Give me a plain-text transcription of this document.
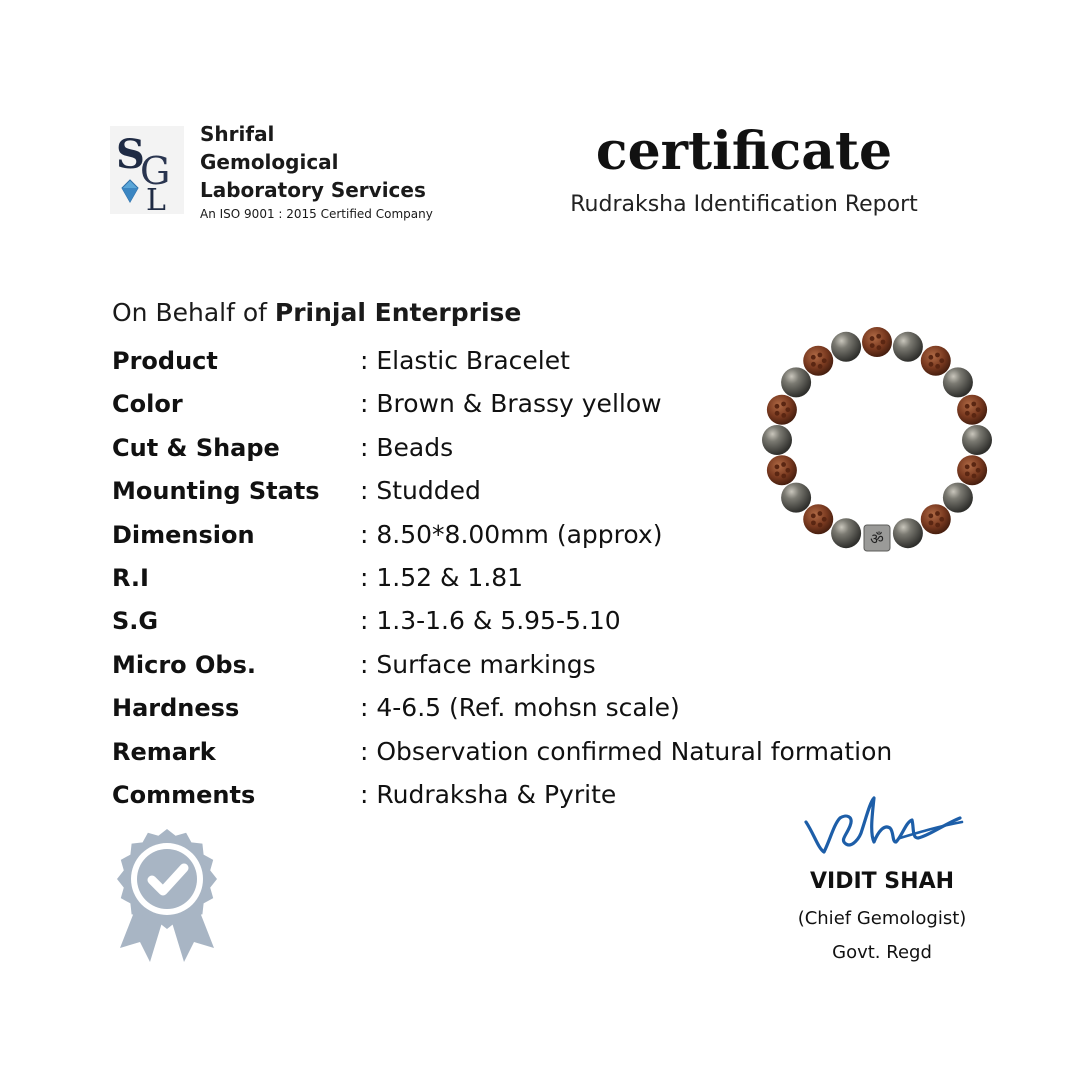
S
G
L
Shrifal
Gemological
Laboratory Services
An ISO 9001 : 2015 Certified Company
certificate
Rudraksha Identification Report
On Behalf of Prinjal Enterprise
Product	: Elastic Bracelet
Color	: Brown & Brassy yellow
Cut & Shape	: Beads
Mounting Stats : Studded
Dimension	: 8.50*8.00mm (approx)
R.I	: 1.52 & 1.81
S.G	: 1.3-1.6 & 5.95-5.10
Micro Obs.	: Surface markings
Hardness	: 4-6.5 (Ref. mohsn scale)
Remark	: Observation confirmed Natural formation
Comments	: Rudraksha & Pyrite
ॐ
VIDIT SHAH
(Chief Gemologist)
Govt. Regd
